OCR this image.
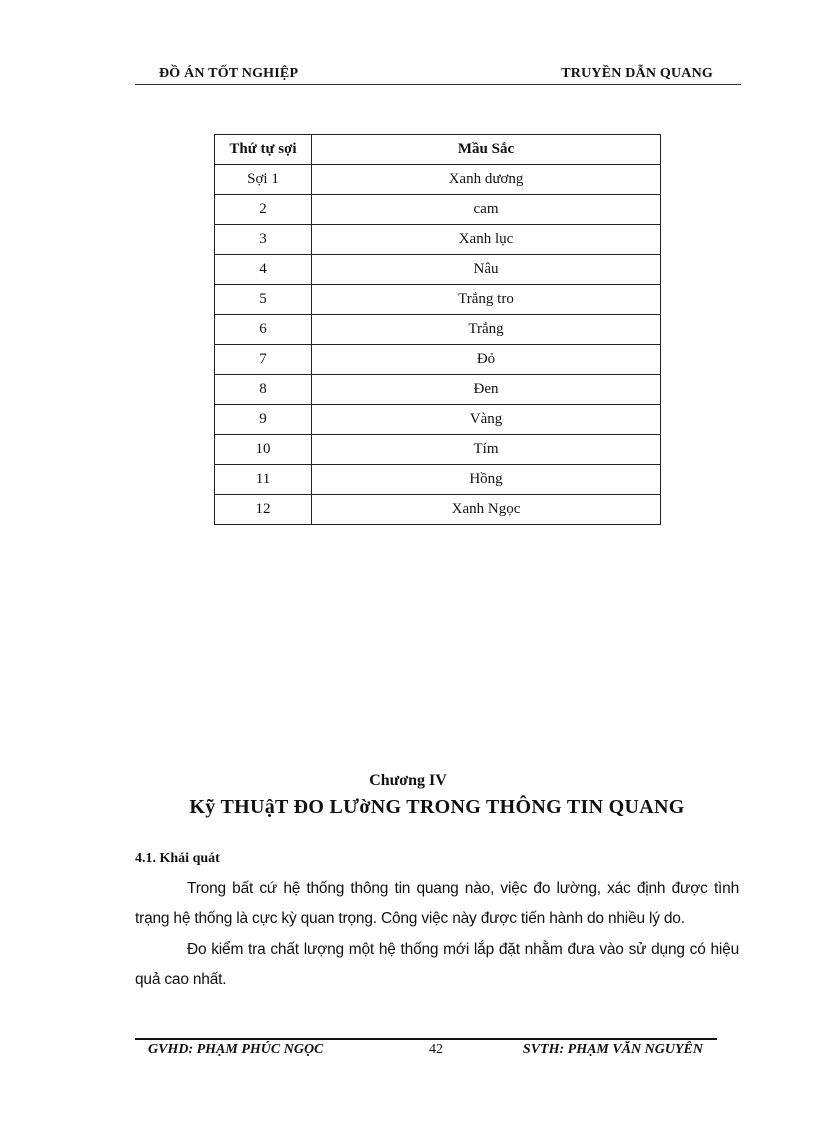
ĐỒ ÁN TỐT NGHIỆP	TRUYỀN DẪN QUANG
Thứ tự sợi	Mầu Sắc
Sợi 1	Xanh dương
2	cam
3	Xanh lục
4	Nâu
5	Trắng tro
6	Trắng
7	Đỏ
8	Đen
9	Vàng
10	Tím
11	Hồng
12	Xanh Ngọc
Chương IV
Kỹ THUậT ĐO LƯờNG TRONG THÔNG TIN QUANG
4.1. Khái quát
Trong bất cứ hệ thống thông tin quang nào, việc đo lường, xác định được tình trạng hệ thống là cực kỳ quan trọng. Công việc này được tiến hành do nhiều lý do.
Đo kiểm tra chất lượng một hệ thống mới lắp đặt nhằm đưa vào sử dụng có hiệu quả cao nhất.
GVHD: PHẠM PHÚC NGỌC	42	SVTH: PHẠM VĂN NGUYÊN
